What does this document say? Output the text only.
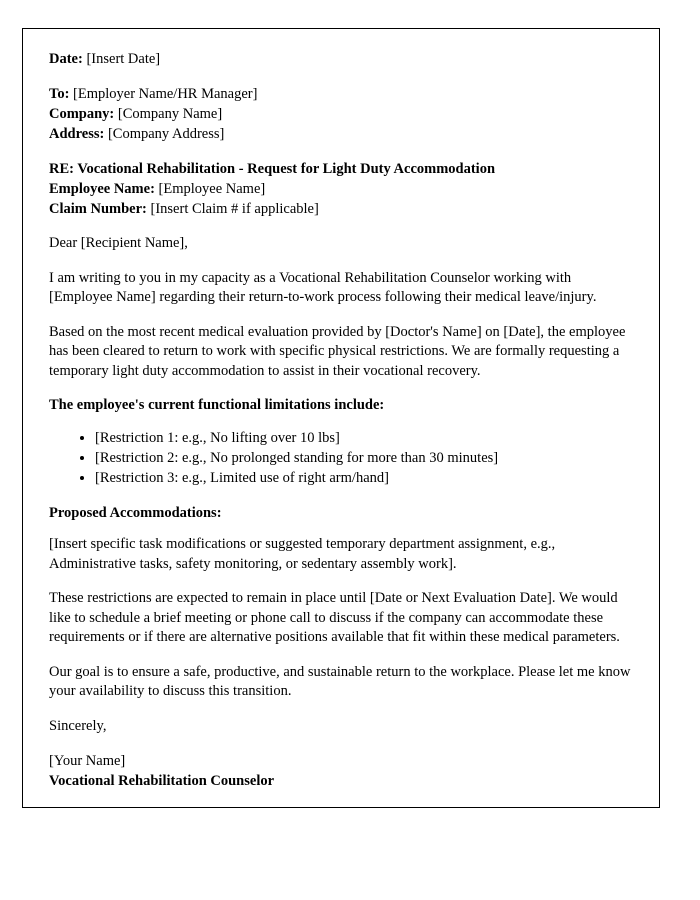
Date: [Insert Date]

To: [Employer Name/HR Manager]

Company: [Company Name]

Address: [Company Address]

RE: Vocational Rehabilitation - Request for Light Duty Accommodation

Employee Name: [Employee Name]

Claim Number: [Insert Claim # if applicable]

Dear [Recipient Name],

I am writing to you in my capacity as a Vocational Rehabilitation Counselor working with [Employee Name] regarding their return-to-work process following their medical leave/injury.

Based on the most recent medical evaluation provided by [Doctor's Name] on [Date], the employee has been cleared to return to work with specific physical restrictions. We are formally requesting a temporary light duty accommodation to assist in their vocational recovery.

The employee's current functional limitations include:

• [Restriction 1: e.g., No lifting over 10 lbs]
• [Restriction 2: e.g., No prolonged standing for more than 30 minutes]
• [Restriction 3: e.g., Limited use of right arm/hand]

Proposed Accommodations:

[Insert specific task modifications or suggested temporary department assignment, e.g., Administrative tasks, safety monitoring, or sedentary assembly work].

These restrictions are expected to remain in place until [Date or Next Evaluation Date]. We would like to schedule a brief meeting or phone call to discuss if the company can accommodate these requirements or if there are alternative positions available that fit within these medical parameters.

Our goal is to ensure a safe, productive, and sustainable return to the workplace. Please let me know your availability to discuss this transition.

Sincerely,

[Your Name]

Vocational Rehabilitation Counselor
